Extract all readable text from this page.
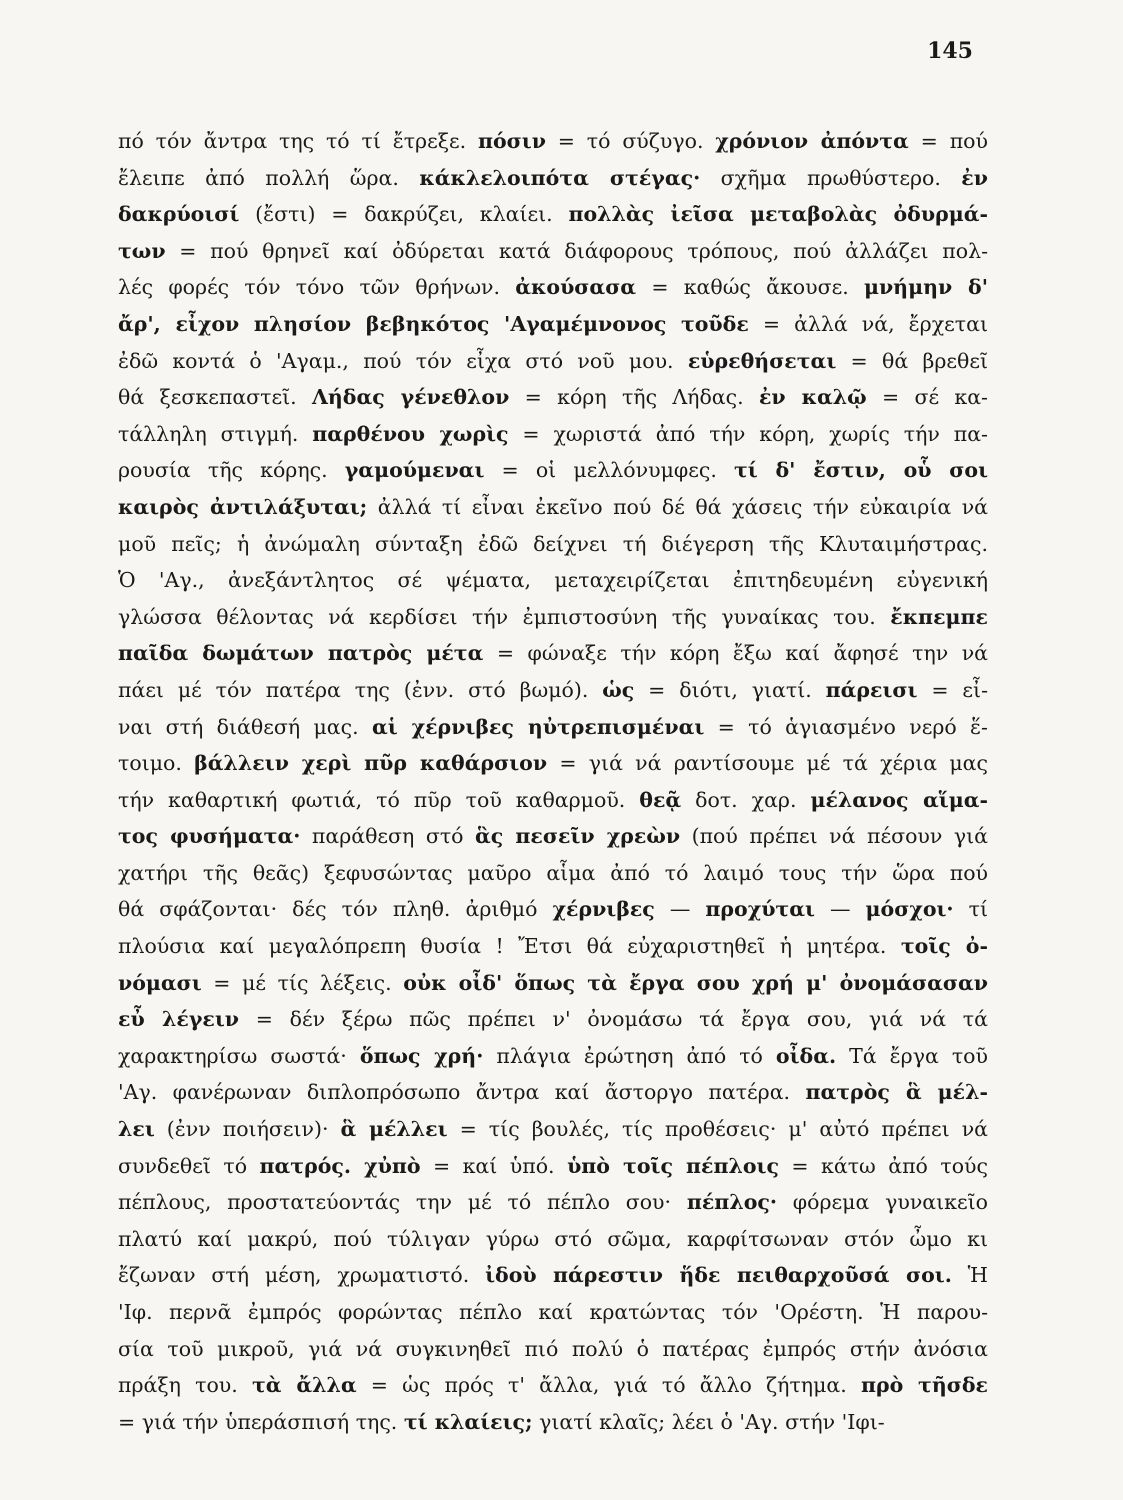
145
πό τόν ἄντρα της τό τί ἔτρεξε. πόσιν = τό σύζυγο. χρόνιον ἀπόντα = πού
ἔλειπε ἀπό πολλή ὥρα. κάκλελοιπότα στέγας· σχῆμα πρωθύστερο. ἐν
δακρύοισί (ἔστι) = δακρύζει, κλαίει. πολλὰς ἰεῖσα μεταβολὰς ὀδυρμά-
των = πού θρηνεῖ καί ὀδύρεται κατά διάφορους τρόπους, πού ἀλλάζει πολ-
λές φορές τόν τόνο τῶν θρήνων. ἀκούσασα = καθώς ἄκουσε. μνήμην δ'
ἄρ', εἶχον πλησίον βεβηκότος 'Αγαμέμνονος τοῦδε = ἀλλά νά, ἔρχεται
ἐδῶ κοντά ὁ 'Αγαμ., πού τόν εἶχα στό νοῦ μου. εὑρεθήσεται = θά βρεθεῖ
θά ξεσκεπαστεῖ. Λήδας γένεθλον = κόρη τῆς Λήδας. ἐν καλῷ = σέ κα-
τάλληλη στιγμή. παρθένου χωρὶς = χωριστά ἀπό τήν κόρη, χωρίς τήν πα-
ρουσία τῆς κόρης. γαμούμεναι = οἱ μελλόνυμφες. τί δ' ἔστιν, οὗ σοι
καιρὸς ἀντιλάξυται; ἀλλά τί εἶναι ἐκεῖνο πού δέ θά χάσεις τήν εὐκαιρία νά
μοῦ πεῖς; ἡ ἀνώμαλη σύνταξη ἐδῶ δείχνει τή διέγερση τῆς Κλυταιμήστρας.
Ὁ 'Αγ., ἀνεξάντλητος σέ ψέματα, μεταχειρίζεται ἐπιτηδευμένη εὐγενική
γλώσσα θέλοντας νά κερδίσει τήν ἐμπιστοσύνη τῆς γυναίκας του. ἔκπεμπε
παῖδα δωμάτων πατρὸς μέτα = φώναξε τήν κόρη ἔξω καί ἄφησέ την νά
πάει μέ τόν πατέρα της (ἐνν. στό βωμό). ὡς = διότι, γιατί. πάρεισι = εἶ-
ναι στή διάθεσή μας. αἱ χέρνιβες ηὐτρεπισμέναι = τό ἁγιασμένο νερό ἕ-
τοιμο. βάλλειν χερὶ πῦρ καθάρσιον = γιά νά ραντίσουμε μέ τά χέρια μας
τήν καθαρτική φωτιά, τό πῦρ τοῦ καθαρμοῦ. θεᾷ δοτ. χαρ. μέλανος αἵμα-
τος φυσήματα· παράθεση στό ἃς πεσεῖν χρεὼν (πού πρέπει νά πέσουν γιά
χατήρι τῆς θεᾶς) ξεφυσώντας μαῦρο αἷμα ἀπό τό λαιμό τους τήν ὥρα πού
θά σφάζονται· δές τόν πληθ. ἀριθμό χέρνιβες — προχύται — μόσχοι· τί
πλούσια καί μεγαλόπρεπη θυσία ! Ἔτσι θά εὐχαριστηθεῖ ἡ μητέρα. τοῖς ὀ-
νόμασι = μέ τίς λέξεις. οὐκ οἶδ' ὅπως τὰ ἔργα σου χρή μ' ὀνομάσασαν
εὖ λέγειν = δέν ξέρω πῶς πρέπει ν' ὀνομάσω τά ἔργα σου, γιά νά τά
χαρακτηρίσω σωστά· ὅπως χρή· πλάγια ἐρώτηση ἀπό τό οἶδα. Τά ἔργα τοῦ
'Αγ. φανέρωναν διπλοπρόσωπο ἄντρα καί ἄστοργο πατέρα. πατρὸς ἃ μέλ-
λει (ἐνν ποιήσειν)· ἃ μέλλει = τίς βουλές, τίς προθέσεις· μ' αὐτό πρέπει νά
συνδεθεῖ τό πατρός. χὐπὸ = καί ὑπό. ὑπὸ τοῖς πέπλοις = κάτω ἀπό τούς
πέπλους, προστατεύοντάς την μέ τό πέπλο σου· πέπλος· φόρεμα γυναικεῖο
πλατύ καί μακρύ, πού τύλιγαν γύρω στό σῶμα, καρφίτσωναν στόν ὦμο κι
ἔζωναν στή μέση, χρωματιστό. ἰδοὺ πάρεστιν ἥδε πειθαρχοῦσά σοι. Ἡ
'Ιφ. περνᾶ ἐμπρός φορώντας πέπλο καί κρατώντας τόν 'Ορέστη. Ἡ παρου-
σία τοῦ μικροῦ, γιά νά συγκινηθεῖ πιό πολύ ὁ πατέρας ἐμπρός στήν ἀνόσια
πράξη του. τὰ ἄλλα = ὡς πρός τ' ἄλλα, γιά τό ἄλλο ζήτημα. πρὸ τῆσδε
= γιά τήν ὑπεράσπισή της. τί κλαίεις; γιατί κλαῖς; λέει ὁ 'Αγ. στήν 'Ιφι-
